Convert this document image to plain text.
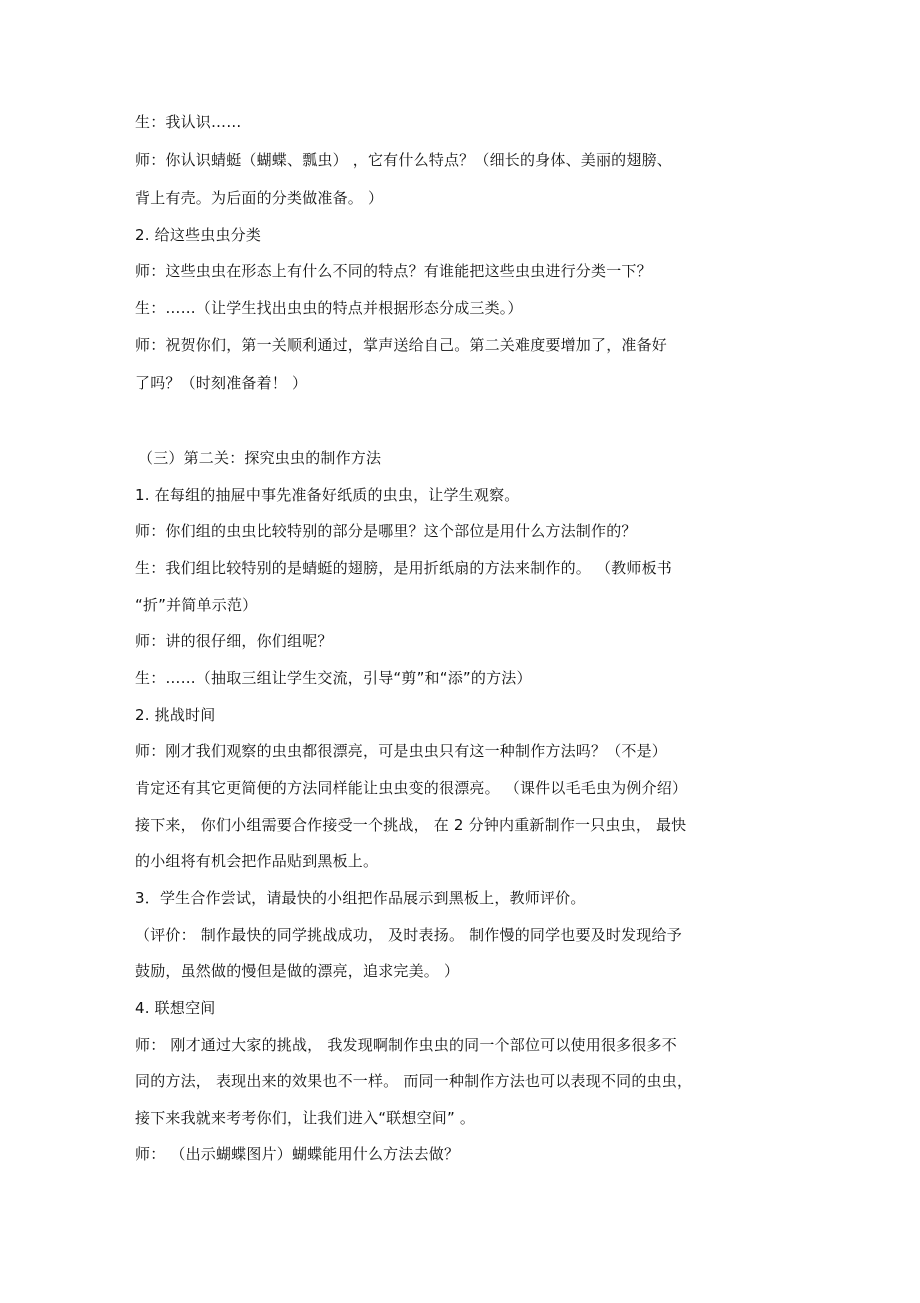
生：我认识……
师：你认识蜻蜓（蝴蝶、瓢虫） ，它有什么特点？（细长的身体、美丽的翅膀、
背上有壳。为后面的分类做准备。 ）
2. 给这些虫虫分类
师：这些虫虫在形态上有什么不同的特点？有谁能把这些虫虫进行分类一下？
生：……（让学生找出虫虫的特点并根据形态分成三类。）
师：祝贺你们，第一关顺利通过，掌声送给自己。第二关难度要增加了，准备好
了吗？（时刻准备着！ ）
（三）第二关：探究虫虫的制作方法
1. 在每组的抽屉中事先准备好纸质的虫虫，让学生观察。
师：你们组的虫虫比较特别的部分是哪里？这个部位是用什么方法制作的？
生：我们组比较特别的是蜻蜓的翅膀，是用折纸扇的方法来制作的。 （教师板书
“折”并简单示范）
师：讲的很仔细，你们组呢？
生：……（抽取三组让学生交流，引导“剪”和“添”的方法）
2. 挑战时间
师：刚才我们观察的虫虫都很漂亮，可是虫虫只有这一种制作方法吗？（不是）
肯定还有其它更简便的方法同样能让虫虫变的很漂亮。 （课件以毛毛虫为例介绍）
接下来， 你们小组需要合作接受一个挑战， 在 2 分钟内重新制作一只虫虫， 最快
的小组将有机会把作品贴到黑板上。
3．学生合作尝试，请最快的小组把作品展示到黑板上，教师评价。
（评价： 制作最快的同学挑战成功， 及时表扬。 制作慢的同学也要及时发现给予
鼓励，虽然做的慢但是做的漂亮，追求完美。 ）
4. 联想空间
师： 刚才通过大家的挑战， 我发现啊制作虫虫的同一个部位可以使用很多很多不
同的方法， 表现出来的效果也不一样。 而同一种制作方法也可以表现不同的虫虫，
接下来我就来考考你们，让我们进入“联想空间” 。
师： （出示蝴蝶图片）蝴蝶能用什么方法去做？
